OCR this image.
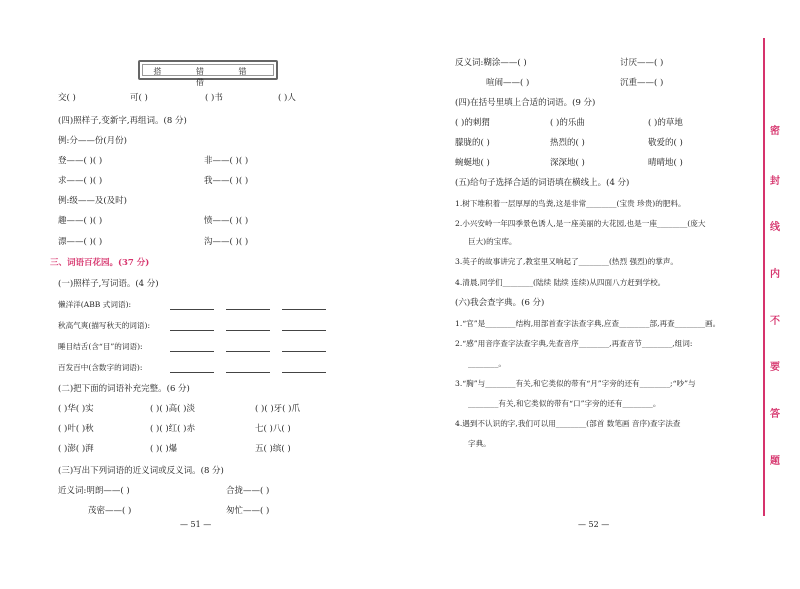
搭 错 错 借
交( )	可( )	( )书	( )人
(四)照样子,变新字,再组词。(8 分)
例:分——份(月份)
登——( )( )	非——( )( )
求——( )( )	我——( )( )
例:级——及(及时)
趣——( )( )	愤——( )( )
漂——( )( )	沟——( )( )
三、词语百花园。(37 分)
(一)照样子,写词语。(4 分)
懒洋洋(ABB 式词语):
秋高气爽(描写秋天的词语):
睡目结舌(含“目”的词语):
百发百中(含数字的词语):
(二)把下面的词语补充完整。(6 分)
( )华( )实	( )( )高( )淡	( )( )牙( )爪
( )叶( )秋	( )( )红( )赤	七( )八( )
( )澎( )湃	( )( )爆	五( )缤( )
(三)写出下列词语的近义词或反义词。(8 分)
近义词:明朗——( )	合拢——( )
茂密——( )	匆忙——( )
— 51 —
反义词:糊涂——( )	讨厌——( )
喧闹——( )	沉重——( )
(四)在括号里填上合适的词语。(9 分)
( )的刺猬	( )的乐曲	( )的草地
朦胧的( )	热烈的( )	敬爱的( )
蜿蜒地( )	深深地( )	晴晴地( )
(五)给句子选择合适的词语填在横线上。(4 分)
1.树下堆积着一层厚厚的鸟粪,这是非常________(宝贵 珍贵)的肥料。
2.小兴安岭一年四季景色诱人,是一座美丽的大花园,也是一座________(庞大
巨大)的宝库。
3.英子的故事讲完了,教室里又响起了________(热烈 强烈)的掌声。
4.清晨,同学们________(陆续 陆续 连续)从四面八方赶到学校。
(六)我会查字典。(6 分)
1.“官”是________结构,用部首查字法查字典,应查________部,再查________画。
2.“感”用音序查字法查字典,先查音序________,再查音节________,组词:
________。
3.“胸”与________有关,和它类似的带有“月”字旁的还有________;“吵”与
________有关,和它类似的带有“口”字旁的还有________。
4.遇到不认识的字,我们可以用________(部首 数笔画 音序)查字法查
字典。
— 52 —
密
封
线
内
不
要
答
题
